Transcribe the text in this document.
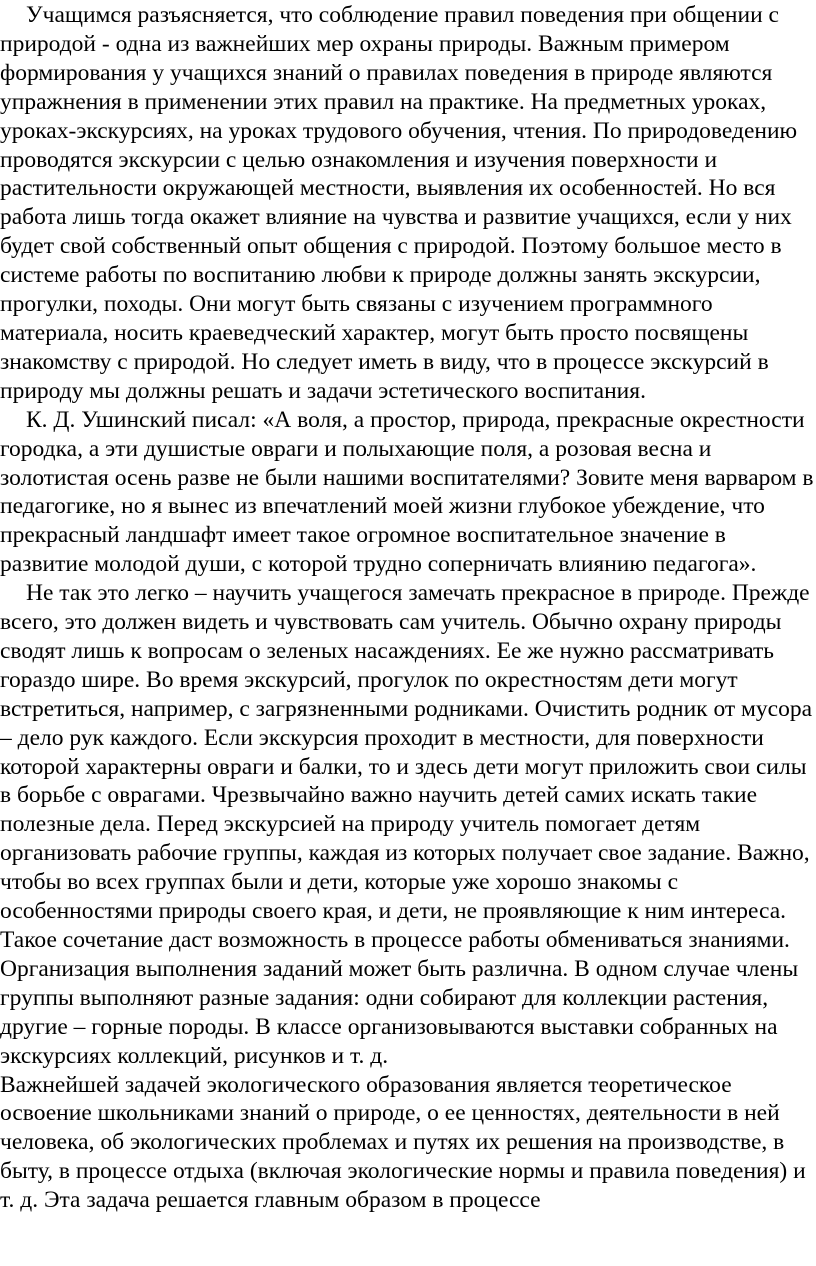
Учащимся разъясняется, что соблюдение правил поведения при общении с природой - одна из важнейших мер охраны природы. Важным примером формирования у учащихся знаний о правилах поведения в природе являются упражнения в применении этих правил на практике. На предметных уроках, уроках-экскурсиях, на уроках трудового обучения, чтения. По природоведению проводятся экскурсии с целью ознакомления и изучения поверхности и растительности окружающей местности, выявления их особенностей. Но вся работа лишь тогда окажет влияние на чувства и развитие учащихся, если у них будет свой собственный опыт общения с природой. Поэтому большое место в системе работы по воспитанию любви к природе должны занять экскурсии, прогулки, походы. Они могут быть связаны с изучением программного материала, носить краеведческий характер, могут быть просто посвящены знакомству с природой. Но следует иметь в виду, что в процессе экскурсий в природу мы должны решать и задачи эстетического воспитания.

К. Д. Ушинский писал: «А воля, а простор, природа, прекрасные окрестности городка, а эти душистые овраги и полыхающие поля, а розовая весна и золотистая осень разве не были нашими воспитателями? Зовите меня варваром в педагогике, но я вынес из впечатлений моей жизни глубокое убеждение, что прекрасный ландшафт имеет такое огромное воспитательное значение в развитие молодой души, с которой трудно соперничать влиянию педагога».

Не так это легко – научить учащегося замечать прекрасное в природе. Прежде всего, это должен видеть и чувствовать сам учитель. Обычно охрану природы сводят лишь к вопросам о зеленых насаждениях. Ее же нужно рассматривать гораздо шире. Во время экскурсий, прогулок по окрестностям дети могут встретиться, например, с загрязненными родниками. Очистить родник от мусора – дело рук каждого. Если экскурсия проходит в местности, для поверхности которой характерны овраги и балки, то и здесь дети могут приложить свои силы в борьбе с оврагами. Чрезвычайно важно научить детей самих искать такие полезные дела. Перед экскурсией на природу учитель помогает детям организовать рабочие группы, каждая из которых получает свое задание. Важно, чтобы во всех группах были и дети, которые уже хорошо знакомы с особенностями природы своего края, и дети, не проявляющие к ним интереса. Такое сочетание даст возможность в процессе работы обмениваться знаниями. Организация выполнения заданий может быть различна. В одном случае члены группы выполняют разные задания: одни собирают для коллекции растения, другие – горные породы. В классе организовываются выставки собранных на экскурсиях коллекций, рисунков и т. д.

Важнейшей задачей экологического образования является теоретическое освоение школьниками знаний о природе, о ее ценностях, деятельности в ней человека, об экологических проблемах и путях их решения на производстве, в быту, в процессе отдыха (включая экологические нормы и правила поведения) и т. д. Эта задача решается главным образом в процессе
